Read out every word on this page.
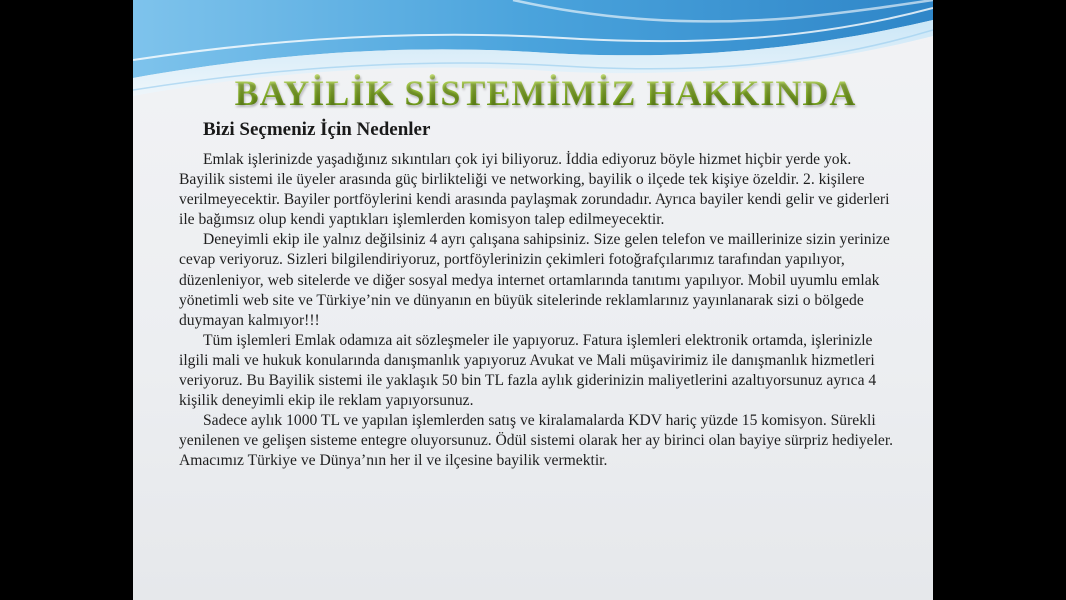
BAYİLİK SİSTEMİMİZ HAKKINDA
Bizi Seçmeniz İçin Nedenler

Emlak işlerinizde yaşadığınız sıkıntıları çok iyi biliyoruz. İddia ediyoruz böyle hizmet hiçbir yerde yok. Bayilik sistemi ile üyeler arasında güç birlikteliği ve networking, bayilik o ilçede tek kişiye özeldir. 2. kişilere verilmeyecektir. Bayiler portföylerini kendi arasında paylaşmak zorundadır. Ayrıca bayiler kendi gelir ve giderleri ile bağımsız olup kendi yaptıkları işlemlerden komisyon talep edilmeyecektir.

Deneyimli ekip ile yalnız değilsiniz 4 ayrı çalışana sahipsiniz. Size gelen telefon ve maillerinize sizin yerinize cevap veriyoruz. Sizleri bilgilendiriyoruz, portföylerinizin çekimleri fotoğrafçılarımız tarafından yapılıyor, düzenleniyor, web sitelerde ve diğer sosyal medya internet ortamlarında tanıtımı yapılıyor. Mobil uyumlu emlak yönetimli web site ve Türkiye’nin ve dünyanın en büyük sitelerinde reklamlarınız yayınlanarak sizi o bölgede duymayan kalmıyor!!!

Tüm işlemleri Emlak odamıza ait sözleşmeler ile yapıyoruz. Fatura işlemleri elektronik ortamda, işlerinizle ilgili mali ve hukuk konularında danışmanlık yapıyoruz Avukat ve Mali müşavirimiz ile danışmanlık hizmetleri veriyoruz. Bu Bayilik sistemi ile yaklaşık 50 bin TL fazla aylık giderinizin maliyetlerini azaltıyorsunuz ayrıca 4 kişilik deneyimli ekip ile reklam yapıyorsunuz.

Sadece aylık 1000 TL ve yapılan işlemlerden satış ve kiralamalarda KDV hariç yüzde 15 komisyon. Sürekli yenilenen ve gelişen sisteme entegre oluyorsunuz. Ödül sistemi olarak her ay birinci olan bayiye sürpriz hediyeler. Amacımız Türkiye ve Dünya’nın her il ve ilçesine bayilik vermektir.
